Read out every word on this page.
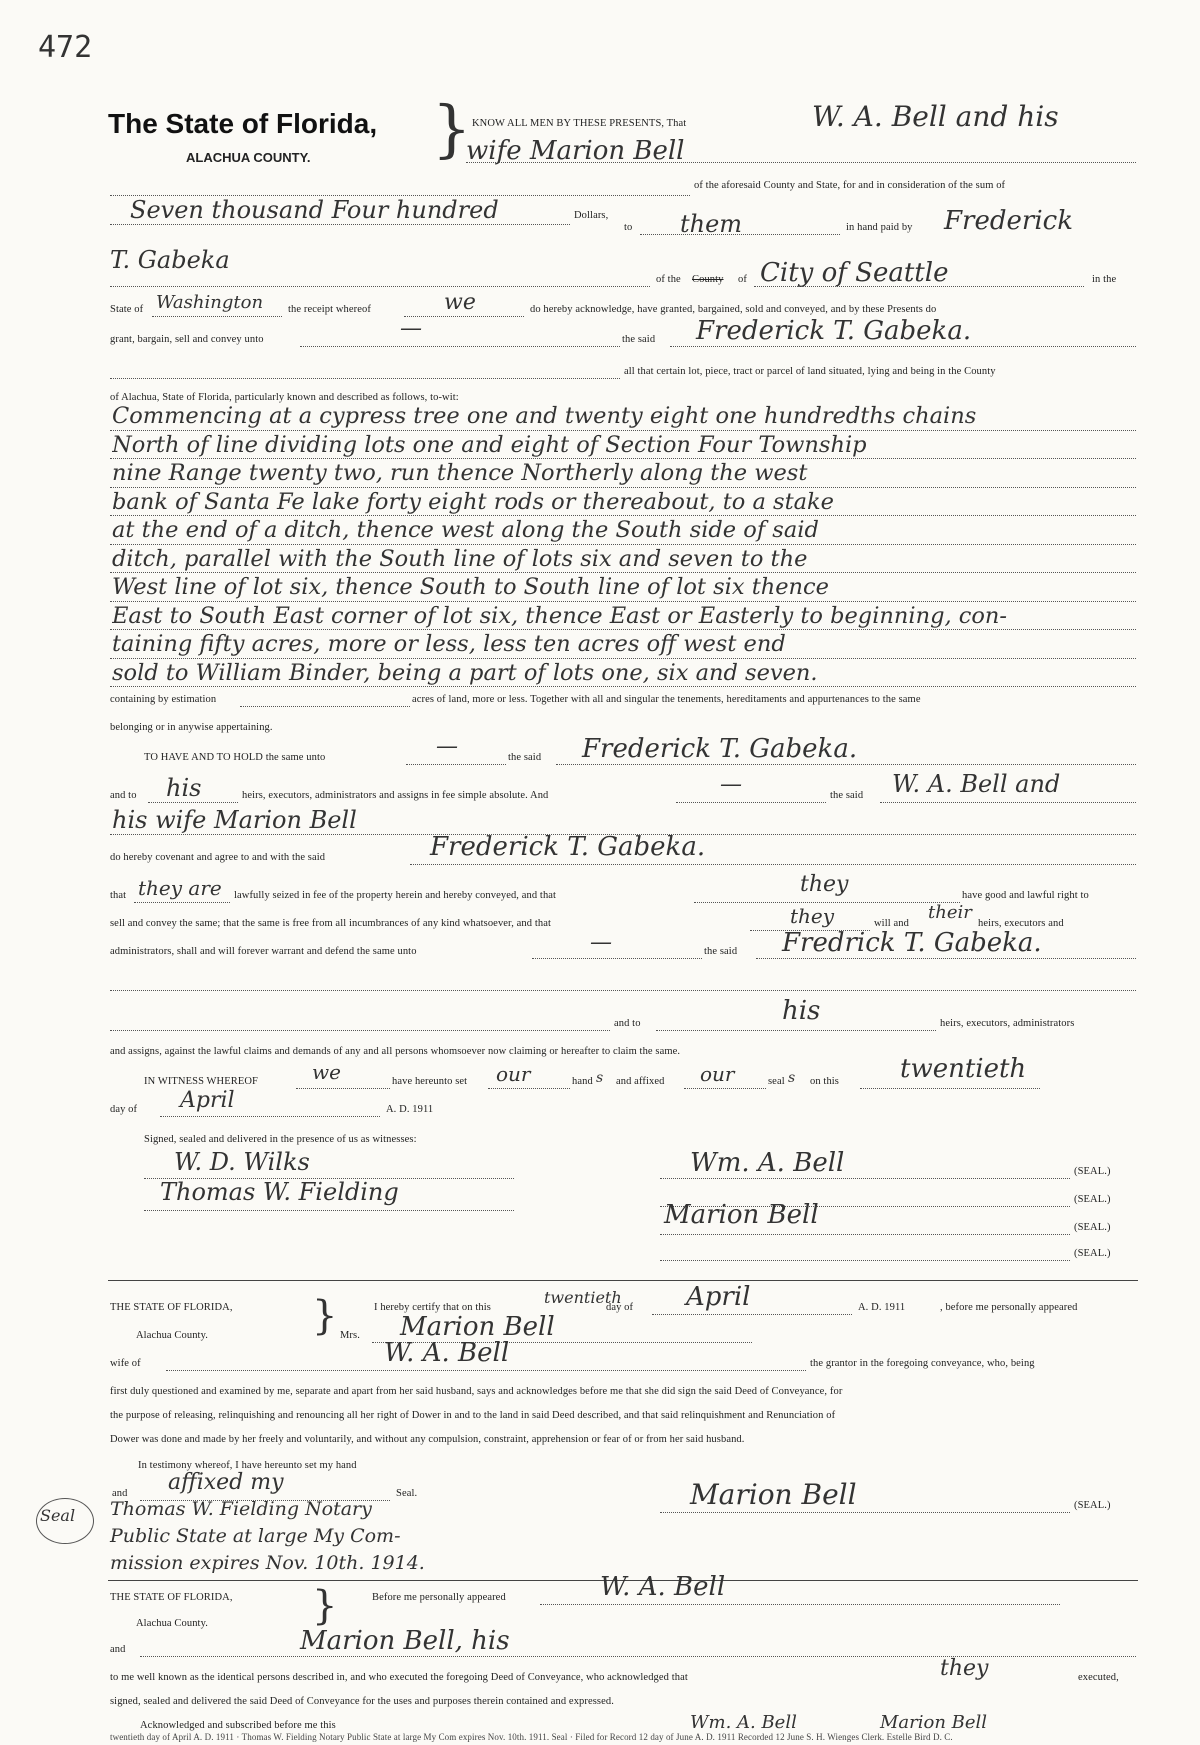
472
The State of Florida,
ALACHUA COUNTY. } KNOW ALL MEN BY THESE PRESENTS, That	W. A. Bell and his
wife Marion Bell
of the aforesaid County and State, for and in consideration of the sum of
Seven thousand Four hundred	Dollars,
to them	in hand paid by Frederick
T. Gabeka
of the County of City of Seattle	in the
State of Washington the receipt whereof	we	do hereby acknowledge, have granted, bargained, sold and conveyed, and by these Presents do
grant, bargain, sell and convey unto	—	the said Frederick T. Gabeka.
all that certain lot, piece, tract or parcel of land situated, lying and being in the County
of Alachua, State of Florida, particularly known and described as follows, to-wit:

Commencing at a cypress tree one and twenty eight one hundredths chains
North of line dividing lots one and eight of Section Four Township
nine Range twenty two, run thence Northerly along the west
bank of Santa Fe lake forty eight rods or thereabout, to a stake
at the end of a ditch, thence west along the South side of said
ditch, parallel with the South line of lots six and seven to the
West line of lot six, thence South to South line of lot six thence
East to South East corner of lot six, thence East or Easterly to beginning, con-
taining fifty acres, more or less, less ten acres off west end
sold to William Binder, being a part of lots one, six and seven.
containing by estimation	acres of land, more or less. Together with all and singular the tenements, hereditaments and appurtenances to the same
belonging or in anywise appertaining.
TO HAVE AND TO HOLD the same unto	—	the said Frederick T. Gabeka.
and to his	heirs, executors, administrators and assigns in fee simple absolute. And	—	the said W. A. Bell and
his wife Marion Bell
do hereby covenant and agree to and with the said	Frederick T. Gabeka.
that they are lawfully seized in fee of the property herein and hereby conveyed, and that	they	have good and lawful right to
sell and convey the same; that the same is free from all incumbrances of any kind whatsoever, and that	they	will and
their
heirs, executors and
administrators, shall and will forever warrant and defend the same unto	—	the said Fredrick T. Gabeka.
and to	his	heirs, executors, administrators
and assigns, against the lawful claims and demands of any and all persons whomsoever now claiming or hereafter to claim the same.
IN WITNESS WHEREOF	we	have hereunto set our	hand s and affixed our	seal s on this twentieth
day of April	A. D. 1911
Signed, sealed and delivered in the presence of us as witnesses:
W. D. Wilks
Thomas W. Fielding
Wm. A. Bell	(SEAL.)
(SEAL.)
Marion Bell	(SEAL.)
(SEAL.)
THE STATE OF FLORIDA,
Alachua County.	}	I hereby certify that on this
twentieth
day of April	A. D. 1911	, before me personally appeared
Mrs. Marion Bell
wife of	W. A. Bell	the grantor in the foregoing conveyance, who, being
first duly questioned and examined by me, separate and apart from her said husband, says and acknowledges before me that she did sign the said Deed of Conveyance, for
the purpose of releasing, relinquishing and renouncing all her right of Dower in and to the land in said Deed described, and that said relinquishment and Renunciation of
Dower was done and made by her freely and voluntarily, and without any compulsion, constraint, apprehension or fear of or from her said husband.
In testimony whereof, I have hereunto set my hand
and affixed my	Seal.
Seal Thomas W. Fielding Notary
Public State at large My Com-
mission expires Nov. 10th. 1914.
Marion Bell	(SEAL.)
THE STATE OF FLORIDA,
Alachua County.	}	Before me personally appeared	W. A. Bell
and	Marion Bell, his
to me well known as the identical persons described in, and who executed the foregoing Deed of Conveyance, who acknowledged that	they	executed,
signed, sealed and delivered the said Deed of Conveyance for the uses and purposes therein contained and expressed.
Acknowledged and subscribed before me this	Wm. A. Bell	Marion Bell
twentieth day of April A. D. 1911 · Thomas W. Fielding Notary Public State at large My Com expires Nov. 10th. 1911. Seal · Filed for Record 12 day of June A. D. 1911 Recorded 12 June S. H. Wienges Clerk. Estelle Bird D. C.
